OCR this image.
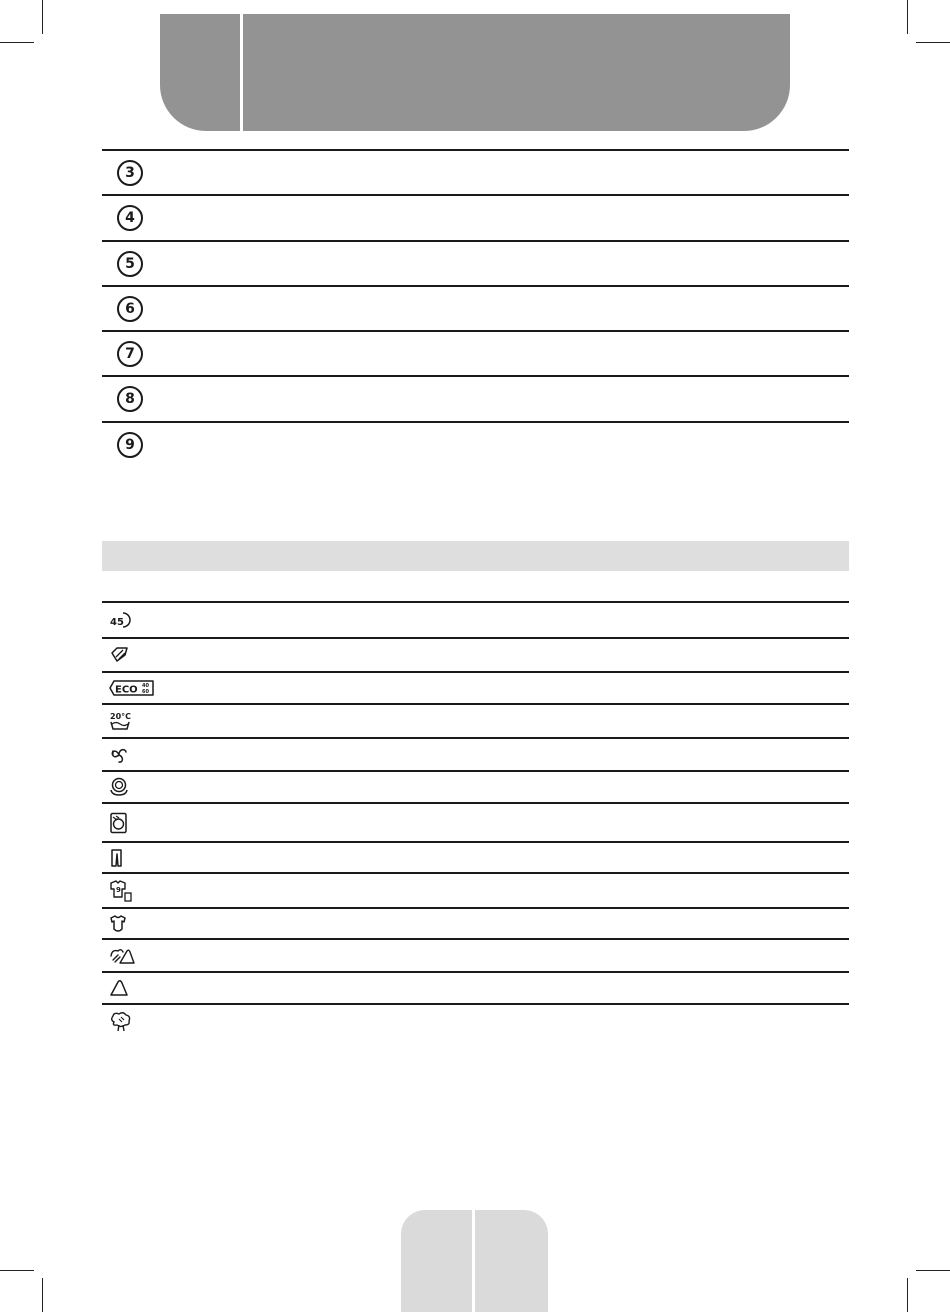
3
4
5
6
7
8
9
45
ECO 40
60
20°C
9
